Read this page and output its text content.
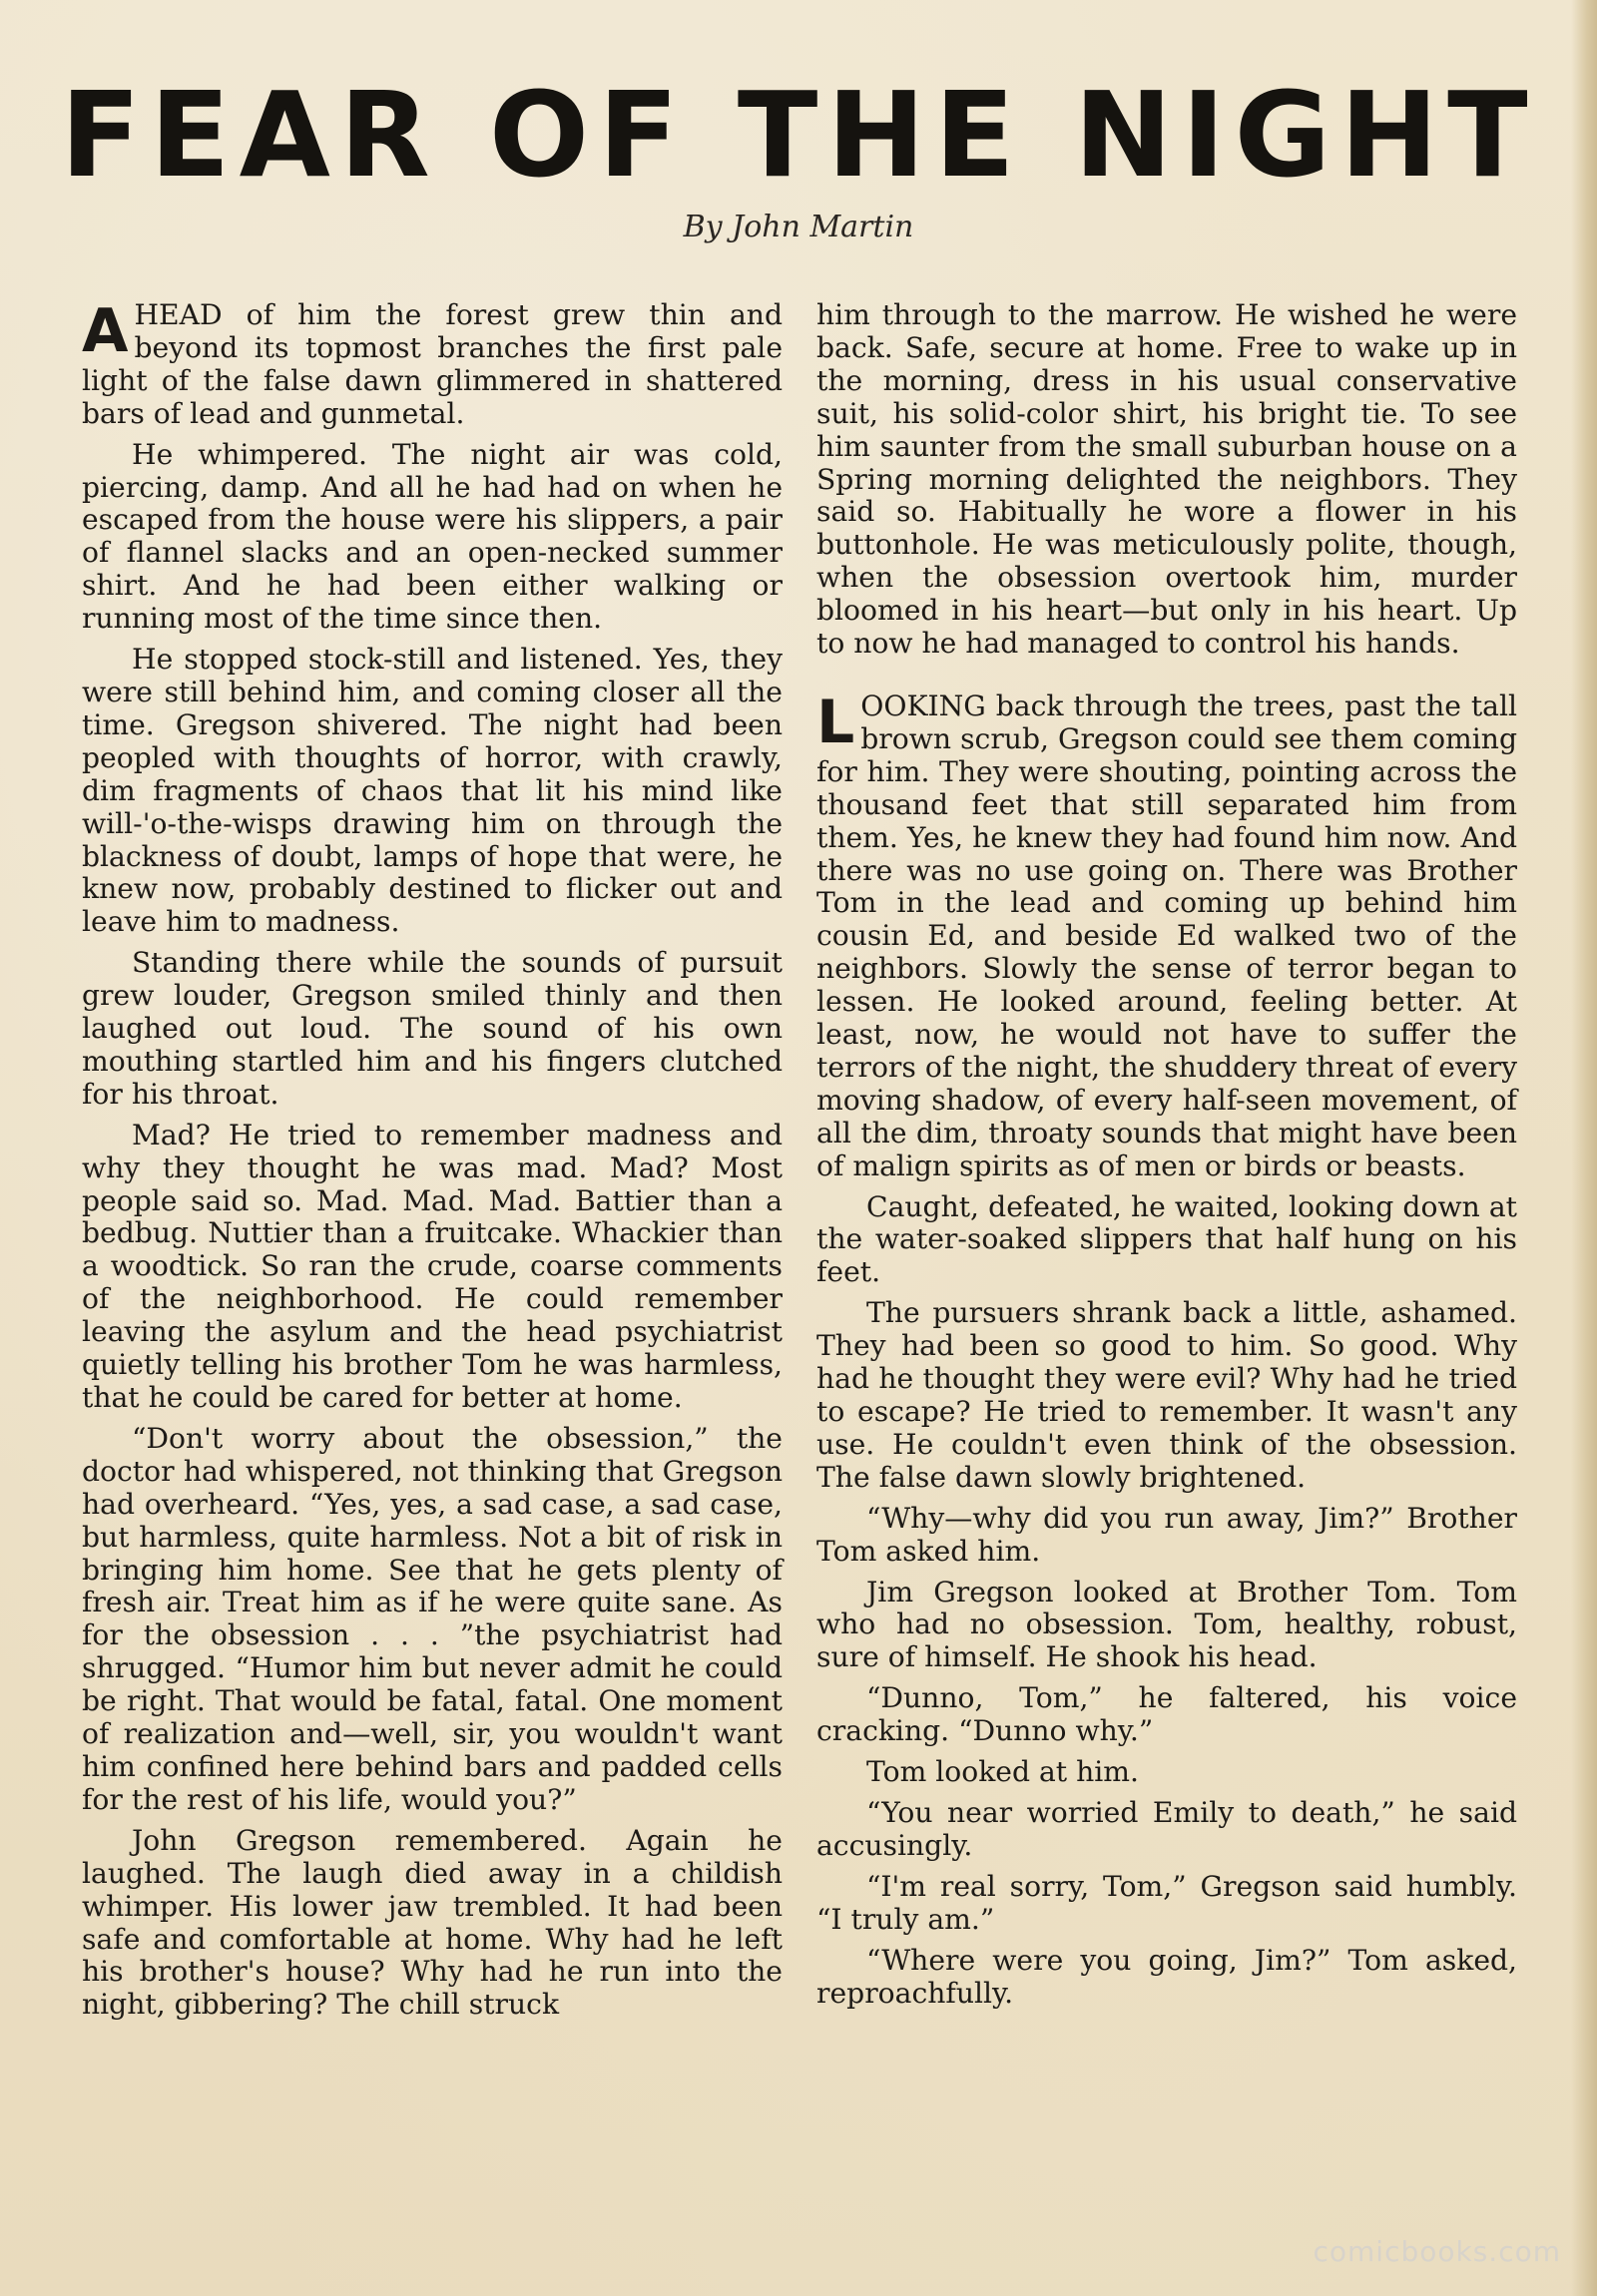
FEAR OF THE NIGHT
By John Martin

AHEAD of him the forest grew thin and beyond its topmost branches the first pale light of the false dawn glimmered in shattered bars of lead and gunmetal.

He whimpered. The night air was cold, piercing, damp. And all he had had on when he escaped from the house were his slippers, a pair of flannel slacks and an open-necked summer shirt. And he had been either walking or running most of the time since then.

He stopped stock-still and listened. Yes, they were still behind him, and coming closer all the time. Gregson shivered. The night had been peopled with thoughts of horror, with crawly, dim fragments of chaos that lit his mind like will-'o-the-wisps drawing him on through the blackness of doubt, lamps of hope that were, he knew now, probably destined to flicker out and leave him to madness.

Standing there while the sounds of pursuit grew louder, Gregson smiled thinly and then laughed out loud. The sound of his own mouthing startled him and his fingers clutched for his throat.

Mad? He tried to remember madness and why they thought he was mad. Mad? Most people said so. Mad. Mad. Mad. Battier than a bedbug. Nuttier than a fruitcake. Whackier than a woodtick. So ran the crude, coarse comments of the neighborhood. He could remember leaving the asylum and the head psychiatrist quietly telling his brother Tom he was harmless, that he could be cared for better at home.

“Don't worry about the obsession,” the doctor had whispered, not thinking that Gregson had overheard. “Yes, yes, a sad case, a sad case, but harmless, quite harmless. Not a bit of risk in bringing him home. See that he gets plenty of fresh air. Treat him as if he were quite sane. As for the obsession . . . ”the psychiatrist had shrugged. “Humor him but never admit he could be right. That would be fatal, fatal. One moment of realization and—well, sir, you wouldn't want him confined here behind bars and padded cells for the rest of his life, would you?”

John Gregson remembered. Again he laughed. The laugh died away in a childish whimper. His lower jaw trembled. It had been safe and comfortable at home. Why had he left his brother's house? Why had he run into the night, gibbering? The chill struck

him through to the marrow. He wished he were back. Safe, secure at home. Free to wake up in the morning, dress in his usual conservative suit, his solid-color shirt, his bright tie. To see him saunter from the small suburban house on a Spring morning delighted the neighbors. They said so. Habitually he wore a flower in his buttonhole. He was meticulously polite, though, when the obsession overtook him, murder bloomed in his heart—but only in his heart. Up to now he had managed to control his hands.

LOOKING back through the trees, past the tall brown scrub, Gregson could see them coming for him. They were shouting, pointing across the thousand feet that still separated him from them. Yes, he knew they had found him now. And there was no use going on. There was Brother Tom in the lead and coming up behind him cousin Ed, and beside Ed walked two of the neighbors. Slowly the sense of terror began to lessen. He looked around, feeling better. At least, now, he would not have to suffer the terrors of the night, the shuddery threat of every moving shadow, of every half-seen movement, of all the dim, throaty sounds that might have been of malign spirits as of men or birds or beasts.

Caught, defeated, he waited, looking down at the water-soaked slippers that half hung on his feet.

The pursuers shrank back a little, ashamed. They had been so good to him. So good. Why had he thought they were evil? Why had he tried to escape? He tried to remember. It wasn't any use. He couldn't even think of the obsession. The false dawn slowly brightened.

“Why—why did you run away, Jim?” Brother Tom asked him.

Jim Gregson looked at Brother Tom. Tom who had no obsession. Tom, healthy, robust, sure of himself. He shook his head.

“Dunno, Tom,” he faltered, his voice cracking. “Dunno why.”

Tom looked at him.

“You near worried Emily to death,” he said accusingly.

“I'm real sorry, Tom,” Gregson said humbly. “I truly am.”

“Where were you going, Jim?” Tom asked, reproachfully.

comicbooks.com
